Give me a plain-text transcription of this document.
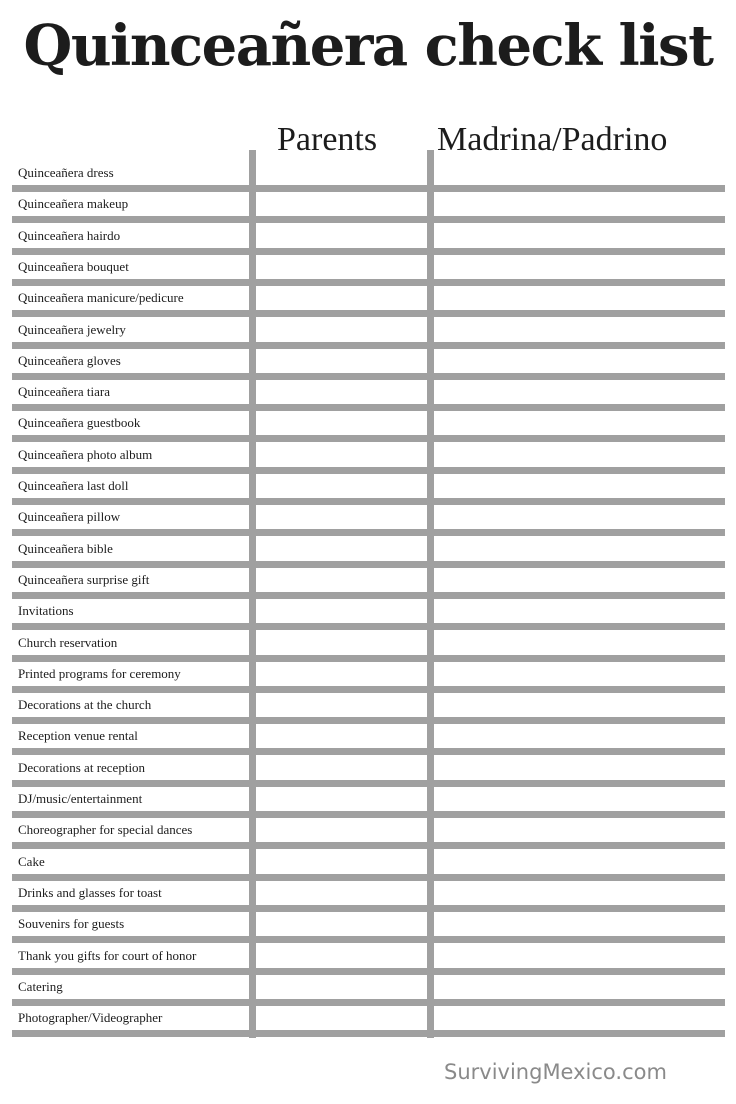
Quinceañera check list
Parents Madrina/Padrino
Quinceañera dress
Quinceañera makeup
Quinceañera hairdo
Quinceañera bouquet
Quinceañera manicure/pedicure
Quinceañera jewelry
Quinceañera gloves
Quinceañera tiara
Quinceañera guestbook
Quinceañera photo album
Quinceañera last doll
Quinceañera pillow
Quinceañera bible
Quinceañera surprise gift
Invitations
Church reservation
Printed programs for ceremony
Decorations at the church
Reception venue rental
Decorations at reception
DJ/music/entertainment
Choreographer for special dances
Cake
Drinks and glasses for toast
Souvenirs for guests
Thank you gifts for court of honor
Catering
Photographer/Videographer
SurvivingMexico.com
